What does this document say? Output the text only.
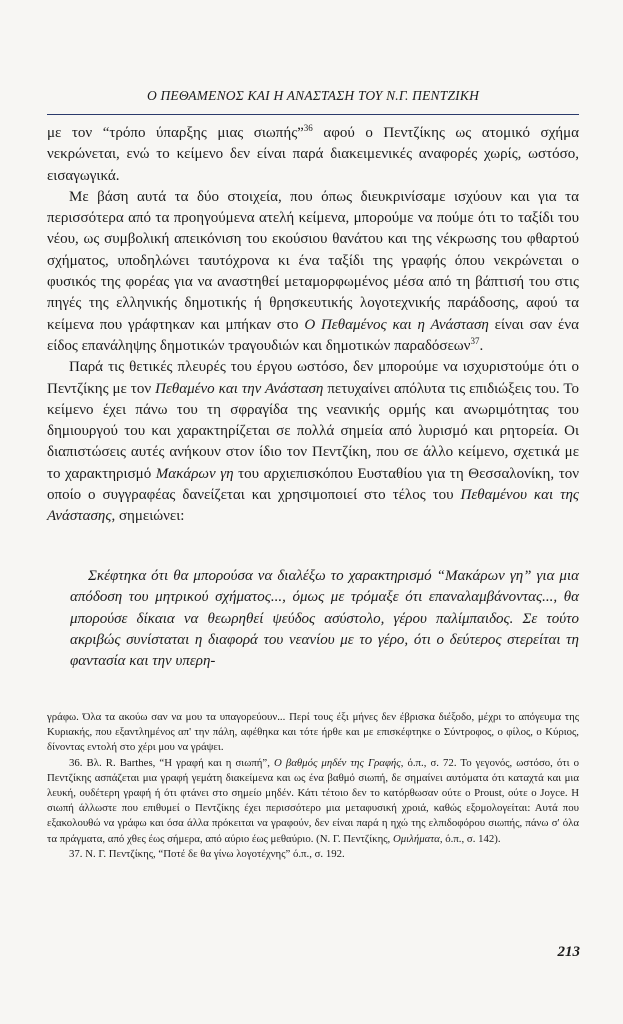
Ο ΠΕΘΑΜΕΝΟΣ ΚΑΙ Η ΑΝΑΣΤΑΣΗ ΤΟΥ Ν.Γ. ΠΕΝΤΖΙΚΗ

με τον “τρόπο ύπαρξης μιας σιωπής”$^{36}$ αφού ο Πεντζίκης ως ατομικό σχήμα νεκρώνεται, ενώ το κείμενο δεν είναι παρά διακειμενικές αναφορές χωρίς, ωστόσο, εισαγωγικά.

Με βάση αυτά τα δύο στοιχεία, που όπως διευκρινίσαμε ισχύουν και για τα περισσότερα από τα προηγούμενα ατελή κείμενα, μπορούμε να πούμε ότι το ταξίδι του νέου, ως συμβολική απεικόνιση του εκούσιου θανάτου και της νέκρωσης του φθαρτού σχήματος, υποδηλώνει ταυτόχρονα κι ένα ταξίδι της γραφής όπου νεκρώνεται ο φυσικός της φορέας για να αναστηθεί μεταμορφωμένος μέσα από τη βάπτισή του στις πηγές της ελληνικής δημοτικής ή θρησκευτικής λογοτεχνικής παράδοσης, αφού τα κείμενα που γράφτηκαν και μπήκαν στο Ο Πεθαμένος και η Ανάσταση είναι σαν ένα είδος επανάληψης δημοτικών τραγουδιών και δημοτικών παραδόσεων$^{37}$.

Παρά τις θετικές πλευρές του έργου ωστόσο, δεν μπορούμε να ισχυριστούμε ότι ο Πεντζίκης με τον Πεθαμένο και την Ανάσταση πετυχαίνει απόλυτα τις επιδιώξεις του. Το κείμενο έχει πάνω του τη σφραγίδα της νεανικής ορμής και ανωριμότητας του δημιουργού του και χαρακτηρίζεται σε πολλά σημεία από λυρισμό και ρητορεία. Οι διαπιστώσεις αυτές ανήκουν στον ίδιο τον Πεντζίκη, που σε άλλο κείμενο, σχετικά με το χαρακτηρισμό Μακάρων γη του αρχιεπισκόπου Ευσταθίου για τη Θεσσαλονίκη, τον οποίο ο συγγραφέας δανείζεται και χρησιμοποιεί στο τέλος του Πεθαμένου και της Ανάστασης, σημειώνει:

Σκέφτηκα ότι θα μπορούσα να διαλέξω το χαρακτηρισμό “Μακάρων γη” για μια απόδοση του μητρικού σχήματος..., όμως με τρόμαξε ότι επαναλαμβάνοντας..., θα μπορούσε δίκαια να θεωρηθεί ψεύδος ασύστολο, γέρου παλίμπαιδος. Σε τούτο ακριβώς συνίσταται η διαφορά του νεανίου με το γέρο, ότι ο δεύτερος στερείται τη φαντασία και την υπερη-

γράφω. Όλα τα ακούω σαν να μου τα υπαγορεύουν... Περί τους έξι μήνες δεν έβρισκα διέξοδο, μέχρι το απόγευμα της Κυριακής, που εξαντλημένος απ' την πάλη, αφέθηκα και τότε ήρθε και με επισκέφτηκε ο Σύντροφος, ο φίλος, ο Κύριος, δίνοντας εντολή στο χέρι μου να γράψει.

36. Βλ. R. Barthes, “Η γραφή και η σιωπή”, Ο βαθμός μηδέν της Γραφής, ό.π., σ. 72. Το γεγονός, ωστόσο, ότι ο Πεντζίκης ασπάζεται μια γραφή γεμάτη διακείμενα και ως ένα βαθμό σιωπή, δε σημαίνει αυτόματα ότι καταχτά και μια λευκή, ουδέτερη γραφή ή ότι φτάνει στο σημείο μηδέν. Κάτι τέτοιο δεν το κατόρθωσαν ούτε ο Proust, ούτε ο Joyce. Η σιωπή άλλωστε που επιθυμεί ο Πεντζίκης έχει περισσότερο μια μεταφυσική χροιά, καθώς εξομολογείται: Αυτά που εξακολουθώ να γράφω και όσα άλλα πρόκειται να γραφούν, δεν είναι παρά η ηχώ της ελπιδοφόρου σιωπής, πάνω σ' όλα τα πράγματα, από χθες έως σήμερα, από αύριο έως μεθαύριο. (Ν. Γ. Πεντζίκης, Ομιλήματα, ό.π., σ. 142).

37. Ν. Γ. Πεντζίκης, “Ποτέ δε θα γίνω λογοτέχνης” ό.π., σ. 192.

213
